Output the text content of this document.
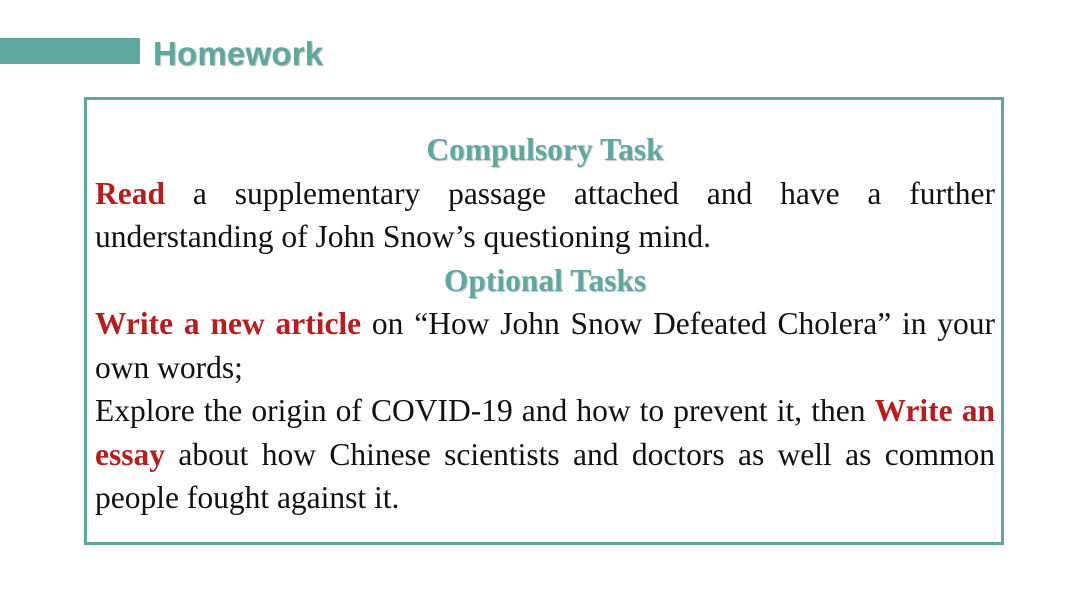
Homework
Compulsory Task
Read a supplementary passage attached and have a further understanding of John Snow’s questioning mind.
Optional Tasks
Write a new article on “How John Snow Defeated Cholera” in your own words;
Explore the origin of COVID-19 and how to prevent it, then Write an essay about how Chinese scientists and doctors as well as common people fought against it.
